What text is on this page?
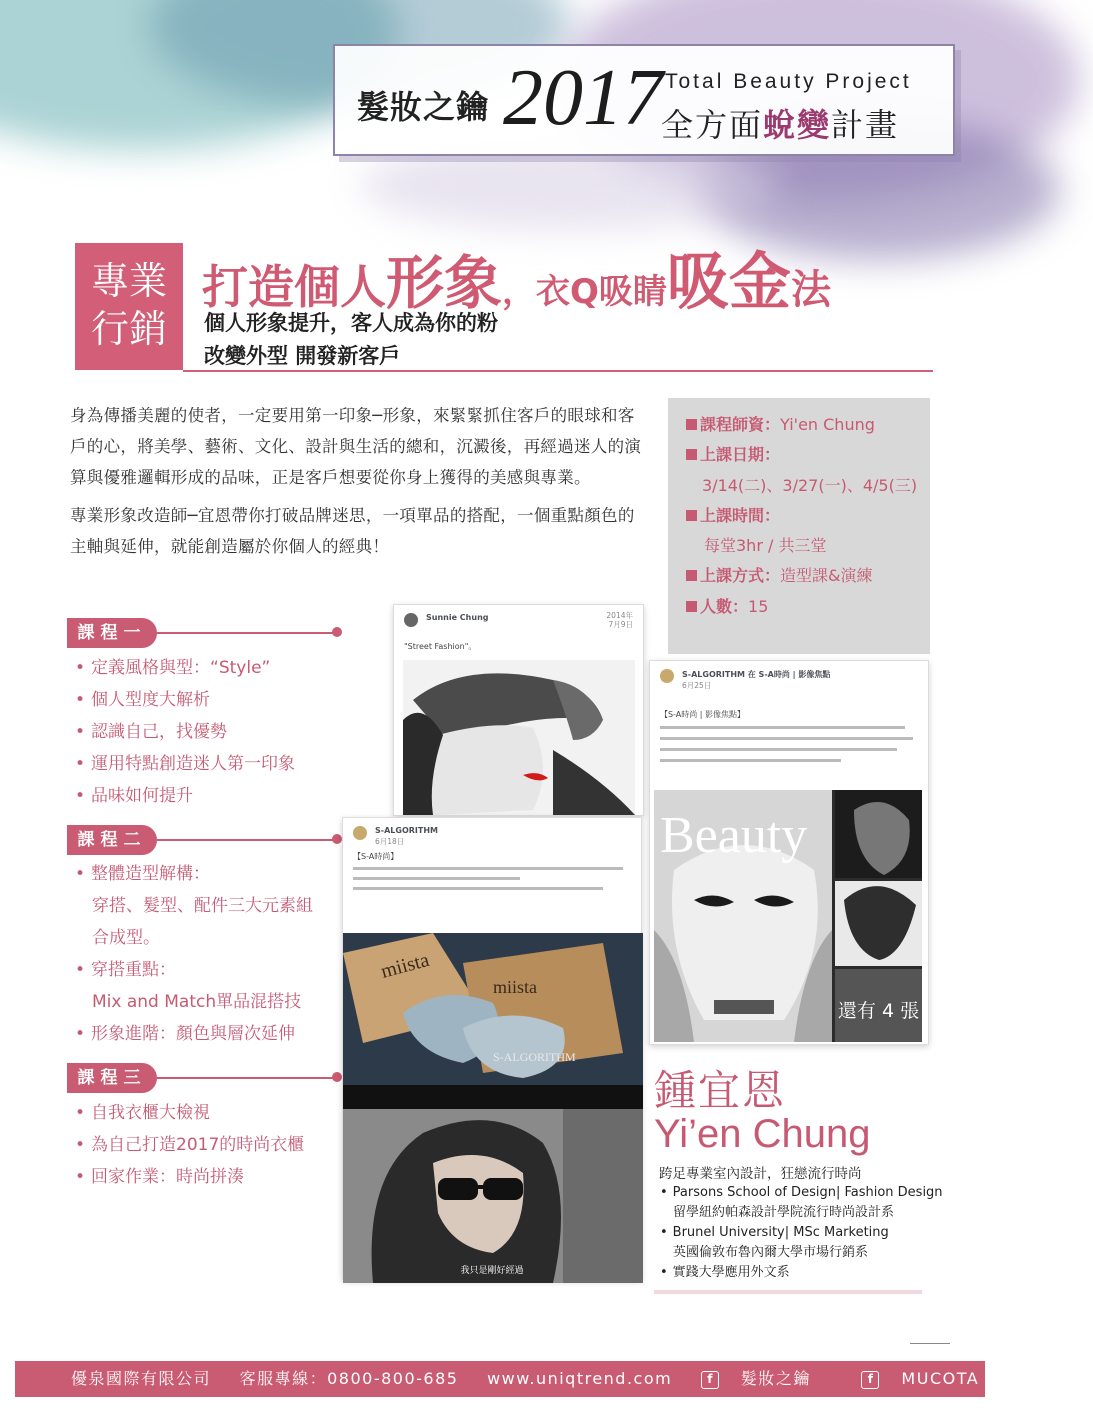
髮妝之鑰 2017 Total Beauty Project
全方面蛻變計畫
專業
行銷
打造個人形象，衣Q吸睛吸金法
個人形象提升，客人成為你的粉
改變外型 開發新客戶

身為傳播美麗的使者，一定要用第一印象─形象，來緊緊抓住客戶的眼球和客戶的心，將美學、藝術、文化、設計與生活的總和，沉澱後，再經過迷人的演算與優雅邏輯形成的品味，正是客戶想要從你身上獲得的美感與專業。

專業形象改造師─宜恩帶你打破品牌迷思，一項單品的搭配，一個重點顏色的主軸與延伸，就能創造屬於你個人的經典！

課程師資：Yi'en Chung
上課日期：
3/14(二)、3/27(一)、4/5(三)
上課時間：
每堂3hr / 共三堂
上課方式：造型課&演練
人數：15
課程一
• 定義風格與型：“Style”
• 個人型度大解析
• 認識自己，找優勢
• 運用特點創造迷人第一印象
• 品味如何提升
課程二
• 整體造型解構：
穿搭、髮型、配件三大元素組
合成型。
• 穿搭重點：
Mix and Match單品混搭技
• 形象進階：顏色與層次延伸
課程三
• 自我衣櫃大檢視
• 為自己打造2017的時尚衣櫃
• 回家作業：時尚拼湊
Sunnie Chung	2014年
7月9日
"Street Fashion"。
S-ALGORITHM 在 S-A時尚 | 影像焦點
6月25日
【S-A時尚 | 影像焦點】
Beauty
還有 4 張
S-ALGORITHM
6月18日
【S-A時尚】
miista
miista
S-ALGORITHM
我只是剛好經過
鍾宜恩
Yi’en Chung
跨足專業室內設計，狂戀流行時尚
• Parsons School of Design| Fashion Design
留學紐約帕森設計學院流行時尚設計系
• Brunel University| MSc Marketing
英國倫敦布魯內爾大學市場行銷系
• 實踐大學應用外文系
優泉國際有限公司 客服專線：0800-800-685 www.uniqtrend.com	f 髮妝之鑰	f MUCOTA Taiwan
